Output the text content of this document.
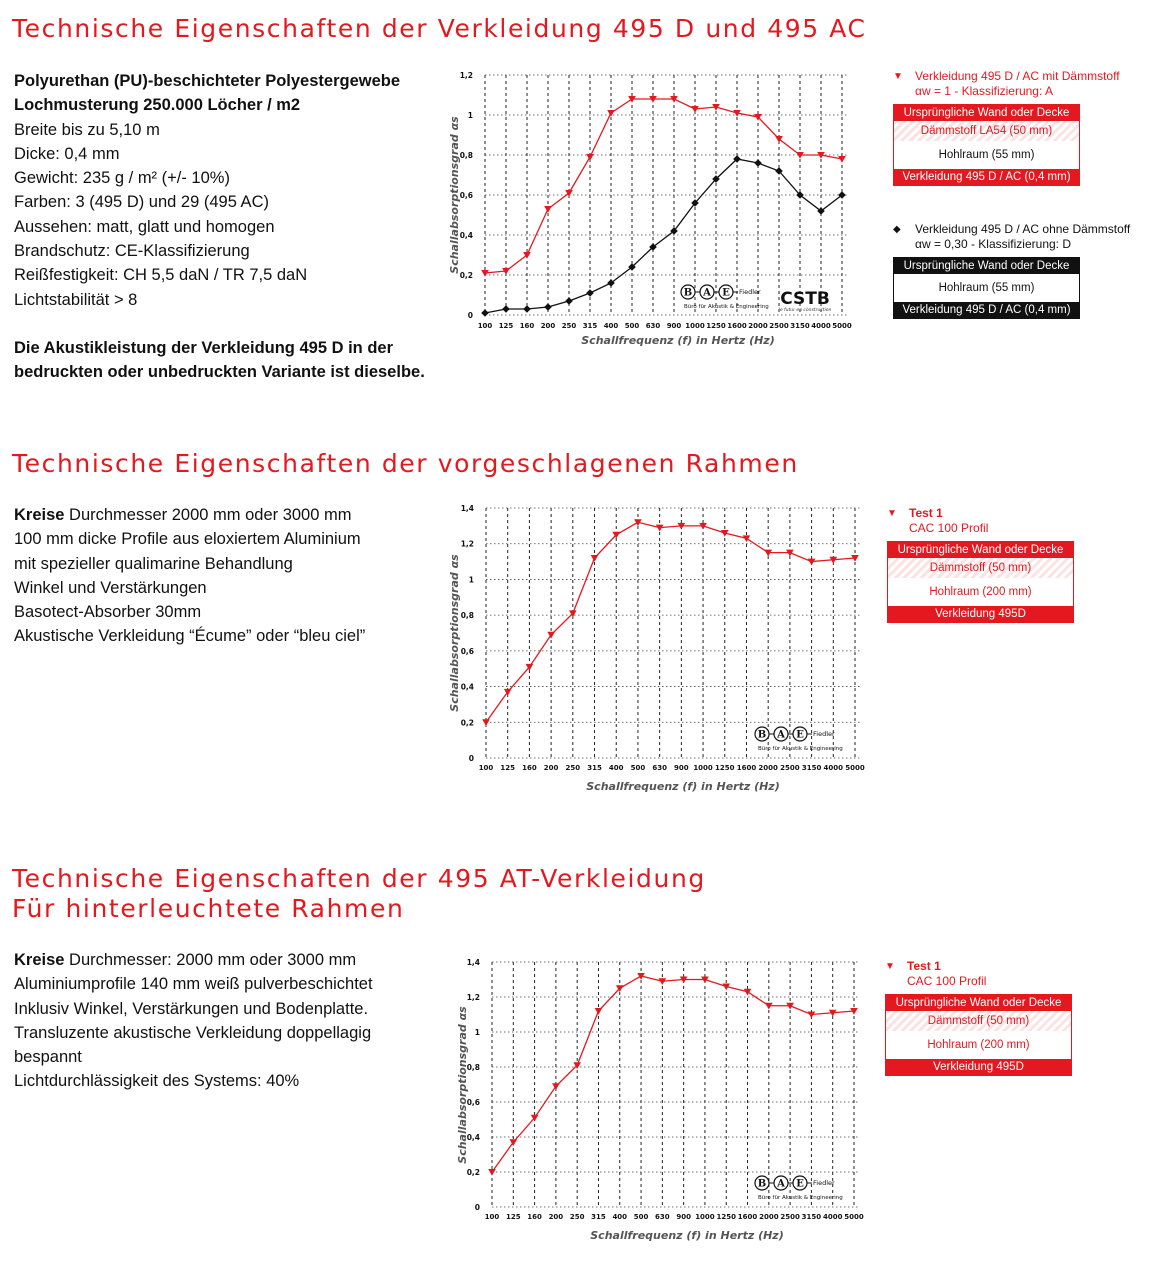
Technische Eigenschaften der Verkleidung 495 D und 495 AC
Polyurethan (PU)-beschichteter Polyestergewebe
Lochmusterung 250.000 Löcher / m2
Breite bis zu 5,10 m
Dicke: 0,4 mm
Gewicht: 235 g / m² (+/- 10%)
Farben: 3 (495 D) und 29 (495 AC)
Aussehen: matt, glatt und homogen
Brandschutz: CE-Klassifizierung
Reißfestigkeit: CH 5,5 daN / TR 7,5 daN
Lichtstabilität > 8
Die Akustikleistung der Verkleidung 495 D in der
bedruckten oder unbedruckten Variante ist dieselbe.
0
0,2
0,4
0,6
0,8
1
1,2
100 125 160 200 250 315 400 500 630 900 1000 1250 1600 2000 2500 3150 4000 5000
Schallfrequenz (f) in Hertz (Hz)
Schallabsorptionsgrad αs
B A E Fiedler
Büro für Akustik & Engineering CSTB
le futur en construction
▼	Verkleidung 495 D / AC mit Dämmstoff
αw = 1 - Klassifizierung: A
Ursprüngliche Wand oder Decke
Dämmstoff LA54 (50 mm)
Hohlraum (55 mm)
Verkleidung 495 D / AC (0,4 mm)
◆	Verkleidung 495 D / AC ohne Dämmstoff
αw = 0,30 - Klassifizierung: D
Ursprüngliche Wand oder Decke
Hohlraum (55 mm)
Verkleidung 495 D / AC (0,4 mm)
Technische Eigenschaften der vorgeschlagenen Rahmen
Kreise Durchmesser 2000 mm oder 3000 mm
100 mm dicke Profile aus eloxiertem Aluminium
mit spezieller qualimarine Behandlung
Winkel und Verstärkungen
Basotect-Absorber 30mm
Akustische Verkleidung “Écume” oder “bleu ciel”
0
0,2
0,4
0,6
0,8
1
1,2
1,4
100 125 160 200 250 315 400 500 630 900 1000 1250 1600 2000 2500 3150 4000 5000
Schallfrequenz (f) in Hertz (Hz)
Schallabsorptionsgrad αs
B A E Fiedler
Büro für Akustik & Engineering
▼	Test 1
CAC 100 Profil
Ursprüngliche Wand oder Decke
Dämmstoff (50 mm)
Hohlraum (200 mm)
Verkleidung 495D
Technische Eigenschaften der 495 AT-Verkleidung
Für hinterleuchtete Rahmen
Kreise Durchmesser: 2000 mm oder 3000 mm
Aluminiumprofile 140 mm weiß pulverbeschichtet
Inklusiv Winkel, Verstärkungen und Bodenplatte.
Transluzente akustische Verkleidung doppellagig
bespannt
Lichtdurchlässigkeit des Systems: 40%
0
0,2
0,4
0,6
0,8
1
1,2
1,4
100 125 160 200 250 315 400 500 630 900 1000 1250 1600 2000 2500 3150 4000 5000
Schallfrequenz (f) in Hertz (Hz)
Schallabsorptionsgrad αs
B A E Fiedler
Büro für Akustik & Engineering
▼	Test 1
CAC 100 Profil
Ursprüngliche Wand oder Decke
Dämmstoff (50 mm)
Hohlraum (200 mm)
Verkleidung 495D
